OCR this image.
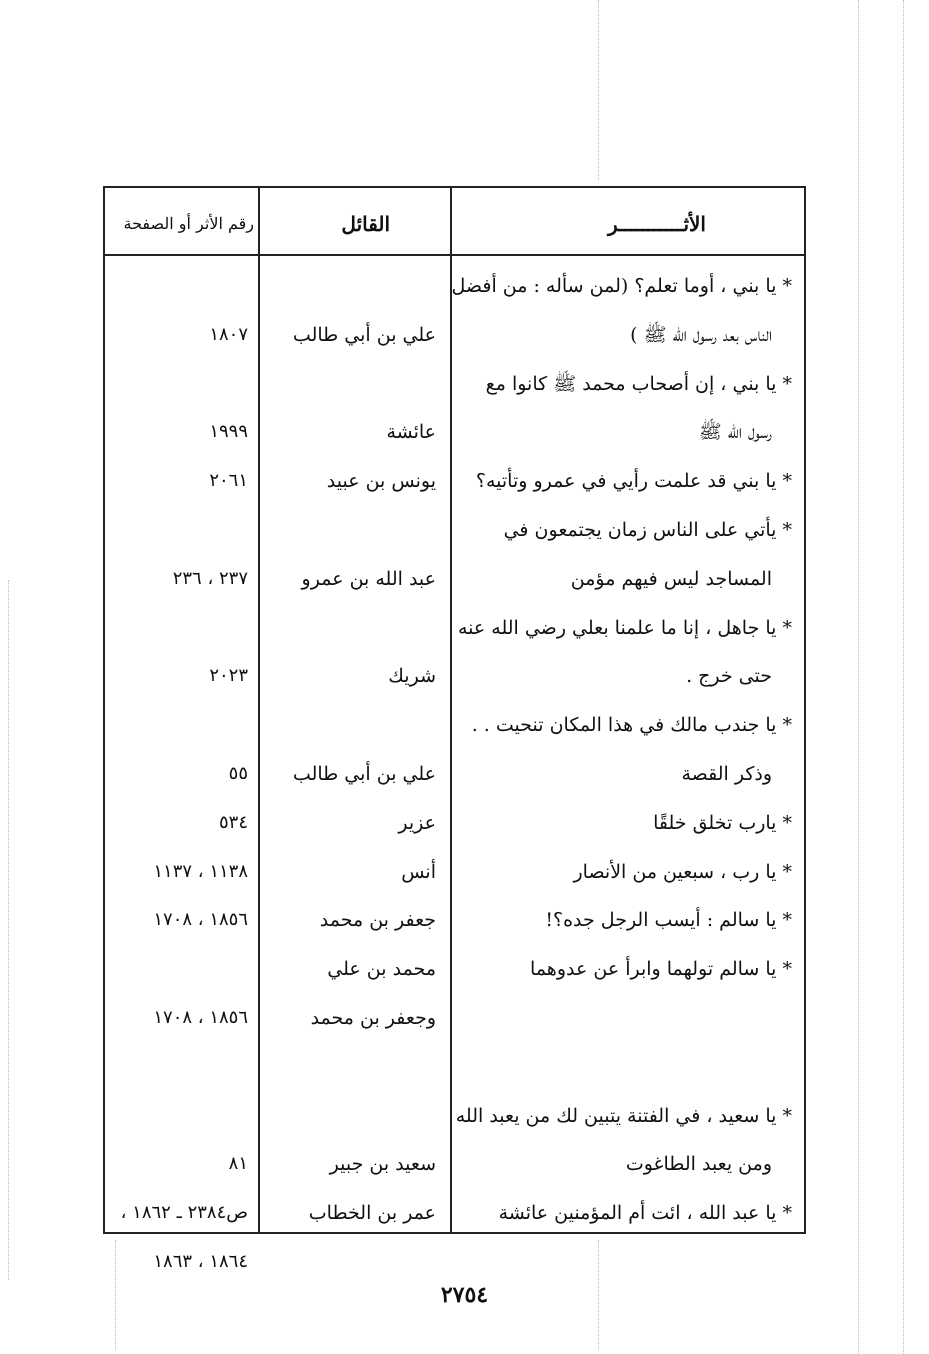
الأثـــــــــــر
القائل
رقم الأثر أو الصفحة
* يا بني ، أوما تعلم؟ (لمن سأله : من أفضل
الناس بعد رسول الله ﷺ )
علي بن أبي طالب
١٨٠٧
* يا بني ، إن أصحاب محمد ﷺ كانوا مع
رسول الله ﷺ
عائشة
١٩٩٩
* يا بني قد علمت رأيي في عمرو وتأتيه؟
يونس بن عبيد
٢٠٦١
* يأتي على الناس زمان يجتمعون في
المساجد ليس فيهم مؤمن
عبد الله بن عمرو
٢٣٧ ، ٢٣٦
* يا جاهل ، إنا ما علمنا بعلي رضي الله عنه
حتى خرج .
شريك
٢٠٢٣
* يا جندب مالك في هذا المكان تنحيت . .
وذكر القصة
علي بن أبي طالب
٥٥
* يارب تخلق خلقًا
عزير
٥٣٤
* يا رب ، سبعين من الأنصار
أنس
١١٣٨ ، ١١٣٧
* يا سالم : أيسب الرجل جده؟!
جعفر بن محمد
١٨٥٦ ، ١٧٠٨
* يا سالم تولهما وابرأ عن عدوهما
محمد بن علي
وجعفر بن محمد
١٨٥٦ ، ١٧٠٨
* يا سعيد ، في الفتنة يتبين لك من يعبد الله
ومن يعبد الطاغوت
سعيد بن جبير
٨١
* يا عبد الله ، ائت أم المؤمنين عائشة
عمر بن الخطاب
ص٢٣٨٤ ـ ١٨٦٢ ،
١٨٦٤ ، ١٨٦٣
٢٧٥٤
